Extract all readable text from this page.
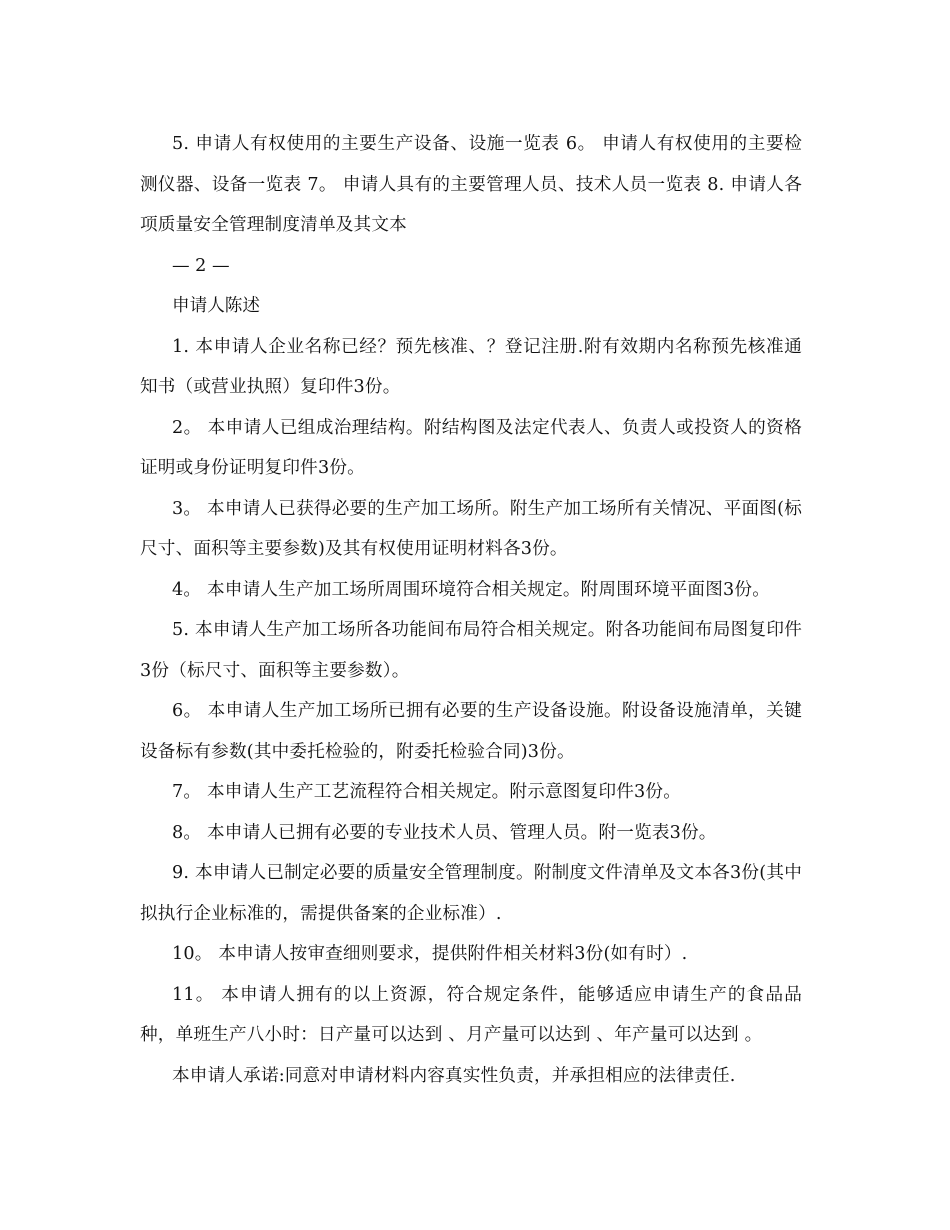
5. 申请人有权使用的主要生产设备、设施一览表 6。 申请人有权使用的主要检测仪器、设备一览表 7。 申请人具有的主要管理人员、技术人员一览表 8. 申请人各项质量安全管理制度清单及其文本

— 2 —

申请人陈述

1. 本申请人企业名称已经？预先核准、？登记注册.附有效期内名称预先核准通知书（或营业执照）复印件3份。

2。 本申请人已组成治理结构。附结构图及法定代表人、负责人或投资人的资格证明或身份证明复印件3份。

3。 本申请人已获得必要的生产加工场所。附生产加工场所有关情况、平面图(标尺寸、面积等主要参数)及其有权使用证明材料各3份。

4。 本申请人生产加工场所周围环境符合相关规定。附周围环境平面图3份。

5. 本申请人生产加工场所各功能间布局符合相关规定。附各功能间布局图复印件3份（标尺寸、面积等主要参数）。

6。 本申请人生产加工场所已拥有必要的生产设备设施。附设备设施清单，关键设备标有参数(其中委托检验的，附委托检验合同)3份。

7。 本申请人生产工艺流程符合相关规定。附示意图复印件3份。

8。 本申请人已拥有必要的专业技术人员、管理人员。附一览表3份。

9. 本申请人已制定必要的质量安全管理制度。附制度文件清单及文本各3份(其中拟执行企业标准的，需提供备案的企业标准）.

10。 本申请人按审查细则要求，提供附件相关材料3份(如有时）.

11。 本申请人拥有的以上资源，符合规定条件，能够适应申请生产的食品品种，单班生产八小时：日产量可以达到 、月产量可以达到 、年产量可以达到 。

本申请人承诺:同意对申请材料内容真实性负责，并承担相应的法律责任.
